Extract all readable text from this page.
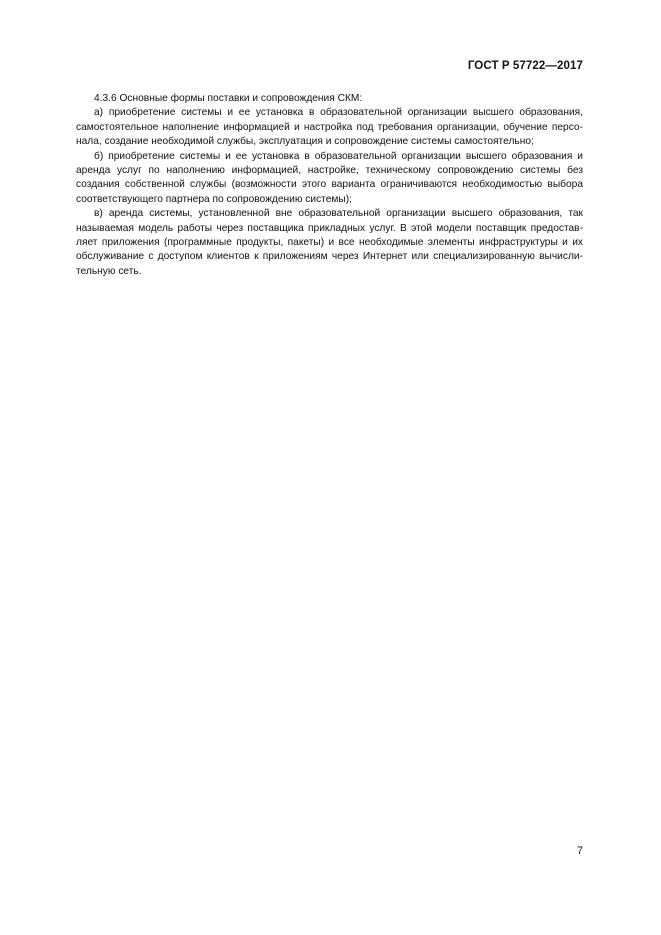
ГОСТ Р 57722—2017

4.3.6 Основные формы поставки и сопровождения СКМ:

а) приобретение системы и ее установка в образовательной организации высшего образования, самостоятельное наполнение информацией и настройка под требования организации, обучение персонала, создание необходимой службы, эксплуатация и сопровождение системы самостоятельно;

б) приобретение системы и ее установка в образовательной организации высшего образования и аренда услуг по наполнению информацией, настройке, техническому сопровождению системы без создания собственной службы (возможности этого варианта ограничиваются необходимостью выбора соответствующего партнера по сопровождению системы);

в) аренда системы, установленной вне образовательной организации высшего образования, так называемая модель работы через поставщика прикладных услуг. В этой модели поставщик предоставляет приложения (программные продукты, пакеты) и все необходимые элементы инфраструктуры и их обслуживание с доступом клиентов к приложениям через Интернет или специализированную вычислительную сеть.

7
